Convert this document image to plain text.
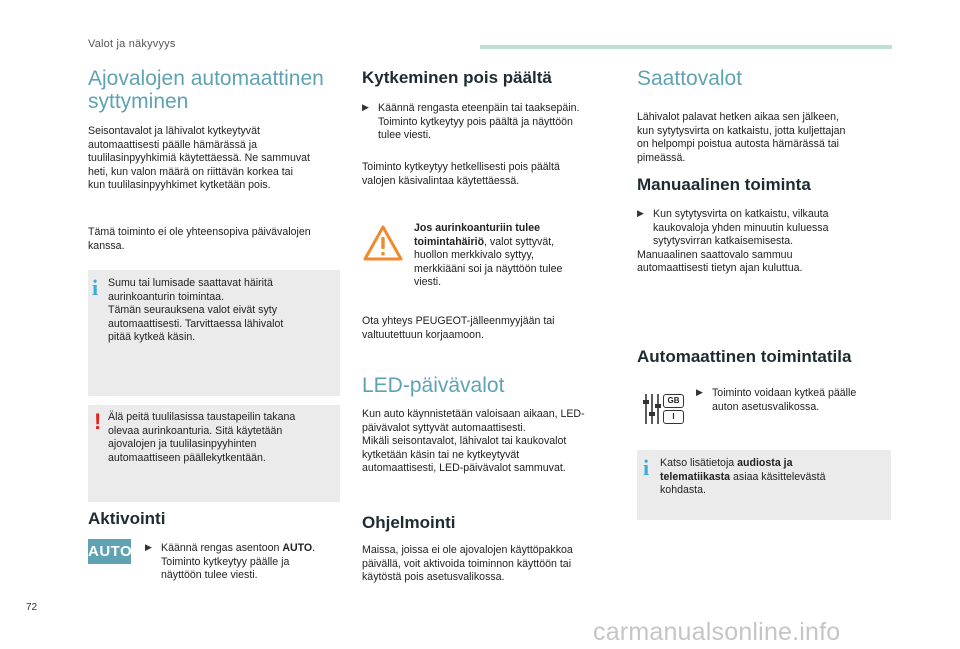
Valot ja näkyvyys

Ajovalojen automaattinen

syttyminen

Seisontavalot ja lähivalot kytkeytyvät

automaattisesti päälle hämärässä ja

tuulilasinpyyhkimiä käytettäessä. Ne sammuvat

heti, kun valon määrä on riittävän korkea tai

kun tuulilasinpyyhkimet kytketään pois.

Tämä toiminto ei ole yhteensopiva päivävalojen

kanssa.

i Sumu tai lumisade saattavat häiritä

aurinkoanturin toimintaa.

Tämän seurauksena valot eivät syty

automaattisesti. Tarvittaessa lähivalot

pitää kytkeä käsin.

! Älä peitä tuulilasissa taustapeilin takana

olevaa aurinkoanturia. Sitä käytetään

ajovalojen ja tuulilasinpyyhinten

automaattiseen päällekytkentään.

Aktivointi
AUTO ▶ Käännä rengas asentoon AUTO.

Toiminto kytkeytyy päälle ja

näyttöön tulee viesti.

Kytkeminen pois päältä
▶ Käännä rengasta eteenpäin tai taaksepäin.

Toiminto kytkeytyy pois päältä ja näyttöön

tulee viesti.

Toiminto kytkeytyy hetkellisesti pois päältä

valojen käsivalintaa käytettäessä.

Jos aurinkoanturiin tulee

toimintahäiriö, valot syttyvät,

huollon merkkivalo syttyy,

merkkiääni soi ja näyttöön tulee

viesti.

Ota yhteys PEUGEOT-jälleenmyyjään tai

valtuutettuun korjaamoon.

LED-päivävalot

Kun auto käynnistetään valoisaan aikaan, LED-

päivävalot syttyvät automaattisesti.

Mikäli seisontavalot, lähivalot tai kaukovalot

kytketään käsin tai ne kytkeytyvät

automaattisesti, LED-päivävalot sammuvat.

Ohjelmointi

Maissa, joissa ei ole ajovalojen käyttöpakkoa

päivällä, voit aktivoida toiminnon käyttöön tai

käytöstä pois asetusvalikossa.

Saattovalot

Lähivalot palavat hetken aikaa sen jälkeen,

kun sytytysvirta on katkaistu, jotta kuljettajan

on helpompi poistua autosta hämärässä tai

pimeässä.

Manuaalinen toiminta
▶ Kun sytytysvirta on katkaistu, vilkauta

kaukovaloja yhden minuutin kuluessa

sytytysvirran katkaisemisesta.

Manuaalinen saattovalo sammuu

automaattisesti tietyn ajan kuluttua.

Automaattinen toimintatila
GB
I
▶ Toiminto voidaan kytkeä päälle

auton asetusvalikossa.

i Katso lisätietoja audiosta ja

telematiikasta asiaa käsittelevästä

kohdasta.

72
carmanualsonline.info
